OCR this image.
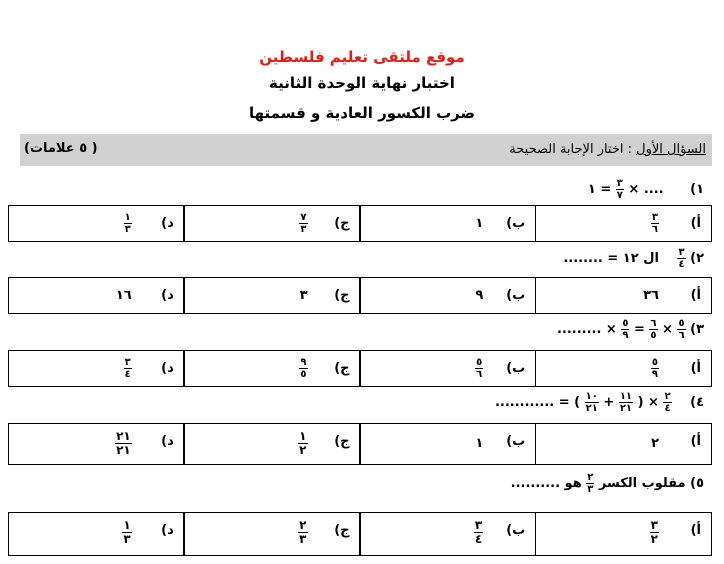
موقع ملتقى تعليم فلسطين
اختبار نهاية الوحدة الثانية
ضرب الكسور العادية و قسمتها
السؤال الأول : اختار الإجابة الصحيحة
( ٥ علامات)
١) .... ×
٣
٧
= ١
أ)
٣
٦
ب)
١
ج)
٧
٣
د)
١
٣
٢)
٣
٤
ال ١٢ = ........
أ)
٣٦
ب)
٩
ج)
٣
د)
١٦
٣)
٥
٦
×
٦
٥
=
٥
٩
× .........
أ)
٥
٩
ب)
٥
٦
ج)
٩
٥
د)
٣
٤
٤)
٢
٤
× (
١١
٢١
+
١٠
٢١
) = ............
أ)
٢
ب)
١
ج)
١
٢
د)
٢١
٢١
٥) مقلوب الكسر
٢
٣
هو ..........
أ)
٣
٢
ب)
٣
٤
ج)
٢
٣
د)
١
٣
